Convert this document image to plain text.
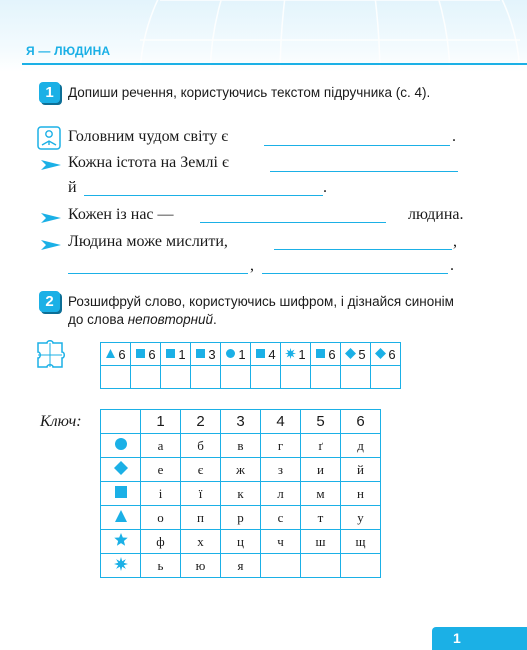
Я — ЛЮДИНА
1	Допиши речення, користуючись текстом підручника (с. 4).
Головним чудом світу є	.
Кожна істота на Землі є
й	.
Кожен із нас —	людина.
Людина може мислити,	,
,	.
2	Розшифруй слово, користуючись шифром, і дізнайся синонім до слова неповторний.
6	6	1	3	1	4	1	6	5	6

Ключ:
		1	2	3	4	5	6
	а	б	в	г	ґ	д
	е	є	ж	з	и	й
	і	ї	к	л	м	н
	о	п	р	с	т	у
	ф	х	ц	ч	ш	щ
	ь	ю	я			
1
